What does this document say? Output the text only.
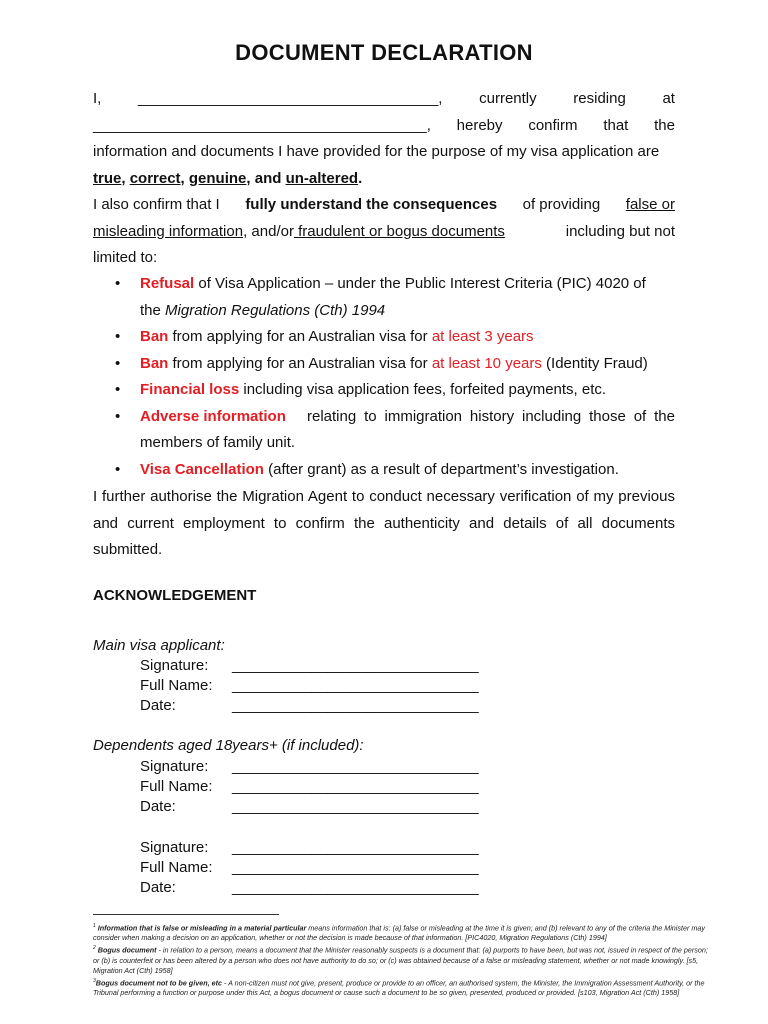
DOCUMENT DECLARATION
I, ____________________________________, currently residing at
________________________________________, hereby confirm that the
information and documents I have provided for the purpose of my visa application are
true, correct, genuine, and un-altered.
I also confirm that I fully understand the consequences of providing false or
misleading information, and/or fraudulent or bogus documents	including but not
limited to:
• Refusal of Visa Application – under the Public Interest Criteria (PIC) 4020 of
the Migration Regulations (Cth) 1994
• Ban from applying for an Australian visa for at least 3 years
• Ban from applying for an Australian visa for at least 10 years (Identity Fraud)
• Financial loss including visa application fees, forfeited payments, etc.
• Adverse information relating to immigration history including those of the
members of family unit.
• Visa Cancellation (after grant) as a result of department’s investigation.
I further authorise the Migration Agent to conduct necessary verification of my previous
and current employment to confirm the authenticity and details of all documents
submitted.
ACKNOWLEDGEMENT
Main visa applicant:
Signature: _______________________________
Full Name: _______________________________
Date:	_______________________________
Dependents aged 18years+ (if included):
Signature: _______________________________
Full Name: _______________________________
Date:	_______________________________
Signature: _______________________________
Full Name: _______________________________
Date:	_______________________________
$^1$ Information that is false or misleading in a material particular means information that is: (a) false or misleading at the time it is given; and (b) relevant to any of the criteria the Minister may consider when making a decision on an application, whether or not the decision is made because of that information. [PIC4020, Migration Regulations (Cth) 1994]
$^2$ Bogus document - in relation to a person, means a document that the Minister reasonably suspects is a document that: (a) purports to have been, but was not, issued in respect of the person; or (b) is counterfeit or has been altered by a person who does not have authority to do so; or (c) was obtained because of a false or misleading statement, whether or not made knowingly. [s5, Migration Act (Cth) 1958]
$^3$Bogus document not to be given, etc - A non-citizen must not give, present, produce or provide to an officer, an authorised system, the Minister, the Immigration Assessment Authority, or the Tribunal performing a function or purpose under this Act, a bogus document or cause such a document to be so given, presented, produced or provided. [s103, Migration Act (Cth) 1958]
